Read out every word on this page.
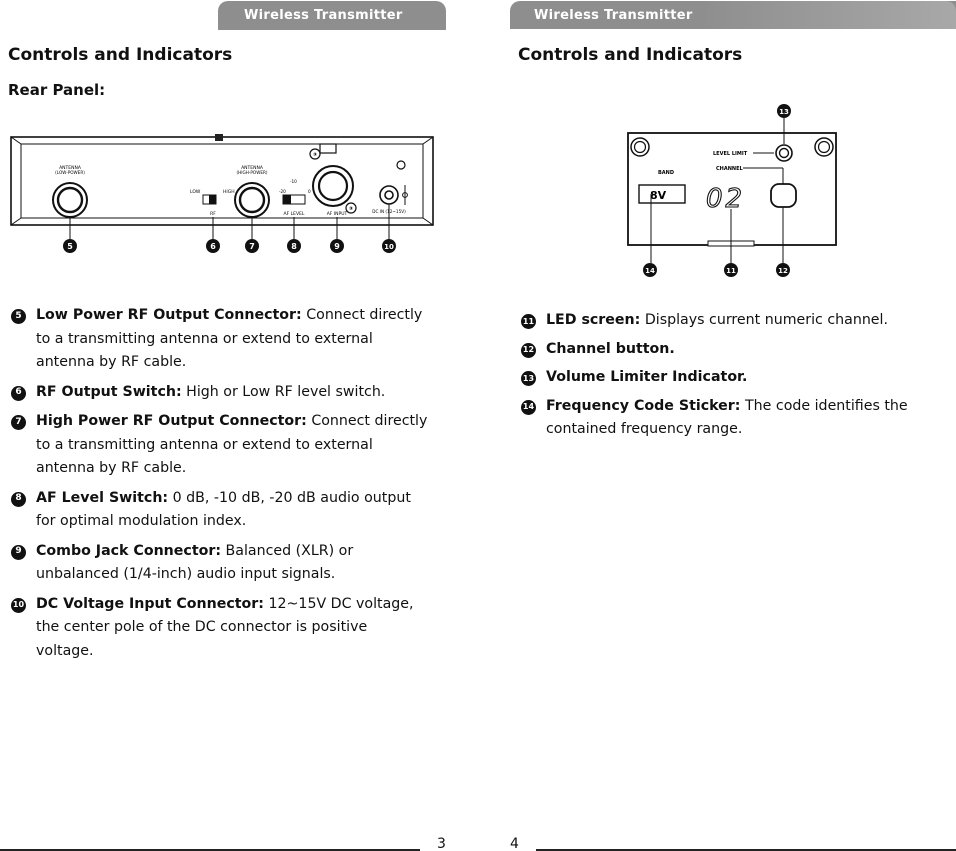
Wireless Transmitter
Controls and Indicators
Rear Panel:
ANTENNA
(LOW-POWER)
LOW	HIGH
RF
ANTENNA
(HIGH-POWER)
-20
-10
0
AF LEVEL
③
③
AF INPUT
DC IN (12~15V)
5	6	7	8	9	10
5	Low Power RF Output Connector: Connect directly to a transmitting antenna or extend to external antenna by RF cable.
6	RF Output Switch: High or Low RF level switch.
7	High Power RF Output Connector: Connect directly to a transmitting antenna or extend to external antenna by RF cable.
8	AF Level Switch: 0 dB, -10 dB, -20 dB audio output for optimal modulation index.
9	Combo Jack Connector: Balanced (XLR) or unbalanced (1/4-inch) audio input signals.
10 DC Voltage Input Connector: 12~15V DC voltage, the center pole of the DC connector is positive voltage.
3
Wireless Transmitter
Controls and Indicators
13
LEVEL LIMIT
CHANNEL
BAND
8V 02
14	11	12
11 LED screen: Displays current numeric channel.
12 Channel button.
13 Volume Limiter Indicator.
14 Frequency Code Sticker: The code identifies the contained frequency range.
4
